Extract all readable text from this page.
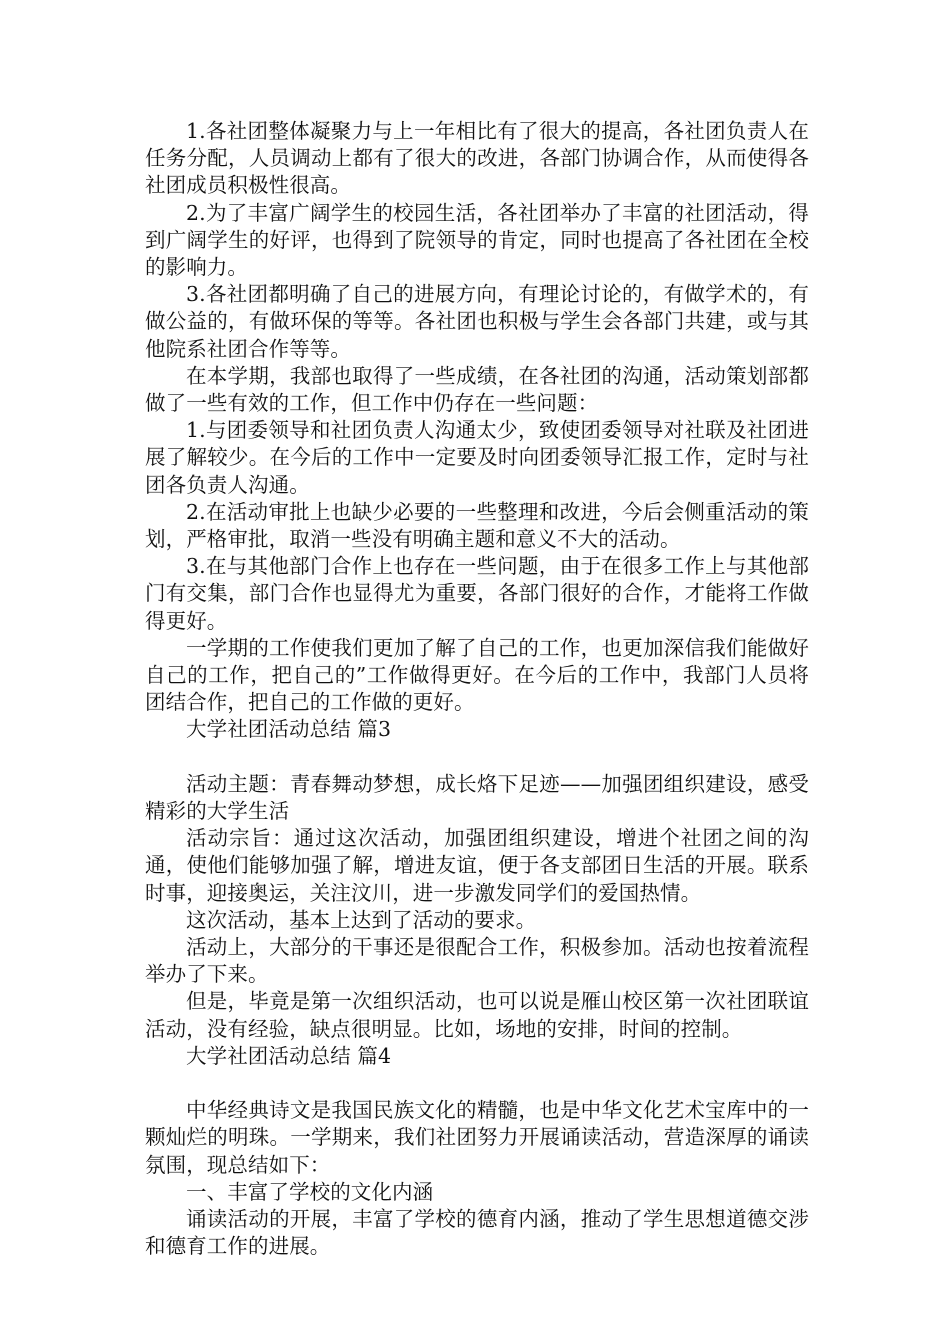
1.各社团整体凝聚力与上一年相比有了很大的提高，各社团负责人在任务分配，人员调动上都有了很大的改进，各部门协调合作，从而使得各社团成员积极性很高。

2.为了丰富广阔学生的校园生活，各社团举办了丰富的社团活动，得到广阔学生的好评，也得到了院领导的肯定，同时也提高了各社团在全校的影响力。

3.各社团都明确了自己的进展方向，有理论讨论的，有做学术的，有做公益的，有做环保的等等。各社团也积极与学生会各部门共建，或与其他院系社团合作等等。

在本学期，我部也取得了一些成绩，在各社团的沟通，活动策划部都做了一些有效的工作，但工作中仍存在一些问题：

1.与团委领导和社团负责人沟通太少，致使团委领导对社联及社团进展了解较少。在今后的工作中一定要及时向团委领导汇报工作，定时与社团各负责人沟通。

2.在活动审批上也缺少必要的一些整理和改进，今后会侧重活动的策划，严格审批，取消一些没有明确主题和意义不大的活动。

3.在与其他部门合作上也存在一些问题，由于在很多工作上与其他部门有交集，部门合作也显得尤为重要，各部门很好的合作，才能将工作做得更好。

一学期的工作使我们更加了解了自己的工作，也更加深信我们能做好自己的工作，把自己的”工作做得更好。在今后的工作中，我部门人员将团结合作，把自己的工作做的更好。

大学社团活动总结 篇3

活动主题：青春舞动梦想，成长烙下足迹——加强团组织建设，感受精彩的大学生活

活动宗旨：通过这次活动，加强团组织建设，增进个社团之间的沟通，使他们能够加强了解，增进友谊，便于各支部团日生活的开展。联系时事，迎接奥运，关注汶川，进一步激发同学们的爱国热情。

这次活动，基本上达到了活动的要求。

活动上，大部分的干事还是很配合工作，积极参加。活动也按着流程举办了下来。

但是，毕竟是第一次组织活动，也可以说是雁山校区第一次社团联谊活动，没有经验，缺点很明显。比如，场地的安排，时间的控制。

大学社团活动总结 篇4

中华经典诗文是我国民族文化的精髓，也是中华文化艺术宝库中的一颗灿烂的明珠。一学期来，我们社团努力开展诵读活动，营造深厚的诵读氛围，现总结如下：

一、丰富了学校的文化内涵

诵读活动的开展，丰富了学校的德育内涵，推动了学生思想道德交涉和德育工作的进展。
